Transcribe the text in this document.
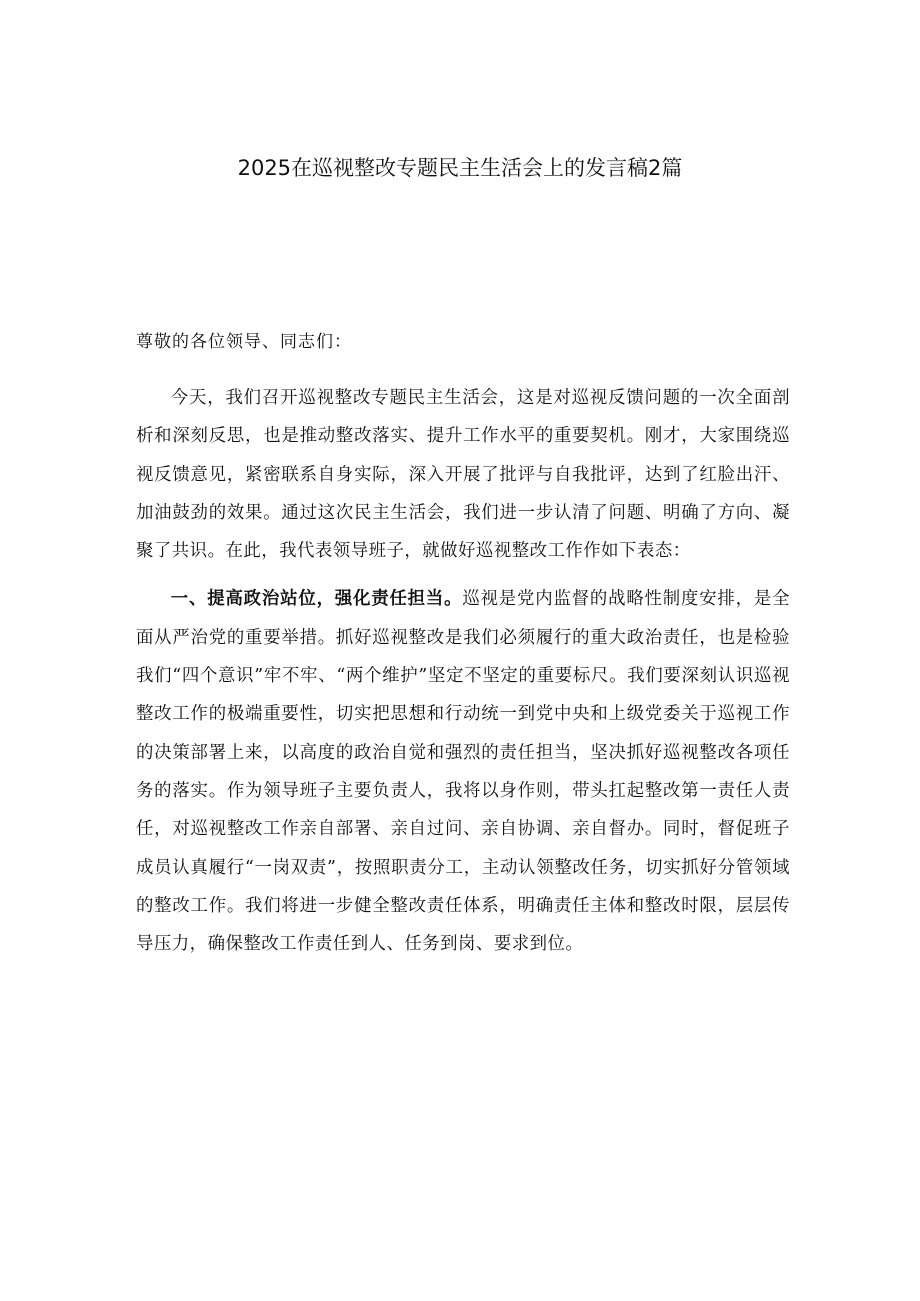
2025在巡视整改专题民主生活会上的发言稿2篇

尊敬的各位领导、同志们：

今天，我们召开巡视整改专题民主生活会，这是对巡视反馈问题的一次全面剖析和深刻反思，也是推动整改落实、提升工作水平的重要契机。刚才，大家围绕巡视反馈意见，紧密联系自身实际，深入开展了批评与自我批评，达到了红脸出汗、加油鼓劲的效果。通过这次民主生活会，我们进一步认清了问题、明确了方向、凝聚了共识。在此，我代表领导班子，就做好巡视整改工作作如下表态：

一、提高政治站位，强化责任担当。巡视是党内监督的战略性制度安排，是全面从严治党的重要举措。抓好巡视整改是我们必须履行的重大政治责任，也是检验我们“四个意识”牢不牢、“两个维护”坚定不坚定的重要标尺。我们要深刻认识巡视整改工作的极端重要性，切实把思想和行动统一到党中央和上级党委关于巡视工作的决策部署上来，以高度的政治自觉和强烈的责任担当，坚决抓好巡视整改各项任务的落实。作为领导班子主要负责人，我将以身作则，带头扛起整改第一责任人责任，对巡视整改工作亲自部署、亲自过问、亲自协调、亲自督办。同时，督促班子成员认真履行“一岗双责”，按照职责分工，主动认领整改任务，切实抓好分管领域的整改工作。我们将进一步健全整改责任体系，明确责任主体和整改时限，层层传导压力，确保整改工作责任到人、任务到岗、要求到位。
